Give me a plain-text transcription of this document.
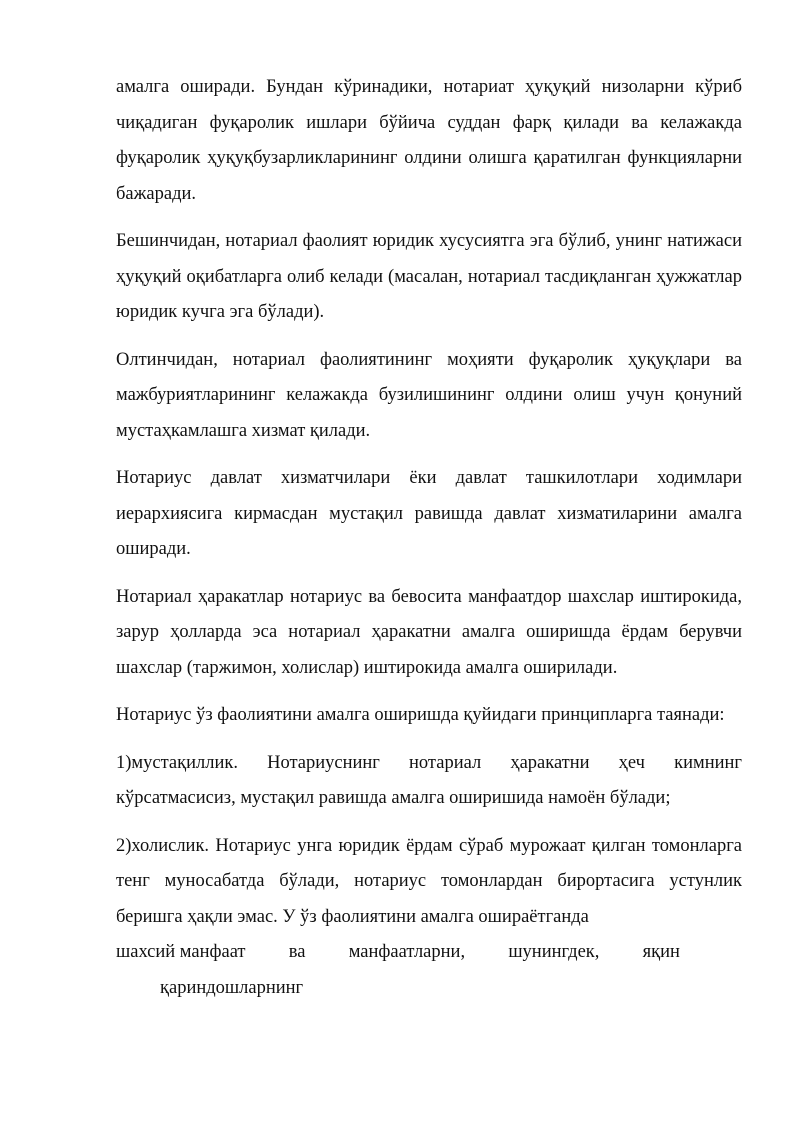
амалга оширади. Бундан кўринадики, нотариат ҳуқуқий низоларни кўриб чиқадиган фуқаролик ишлари бўйича суддан фарқ қилади ва келажакда фуқаролик ҳуқуқбузарликларининг олдини олишга қаратилган функцияларни бажаради.

Бешинчидан, нотариал фаолият юридик хусусиятга эга бўлиб, унинг натижаси ҳуқуқий оқибатларга олиб келади (масалан, нотариал тасдиқланган ҳужжатлар юридик кучга эга бўлади).

Олтинчидан, нотариал фаолиятининг моҳияти фуқаролик ҳуқуқлари ва мажбуриятларининг келажакда бузилишининг олдини олиш учун қонуний мустаҳкамлашга хизмат қилади.

Нотариус давлат хизматчилари ёки давлат ташкилотлари ходимлари иерархиясига кирмасдан мустақил равишда давлат хизматиларини амалга оширади.

Нотариал ҳаракатлар нотариус ва бевосита манфаатдор шахслар иштирокида, зарур ҳолларда эса нотариал ҳаракатни амалга оширишда ёрдам берувчи шахслар (таржимон, холислар) иштирокида амалга оширилади.

Нотариус ўз фаолиятини амалга оширишда қуйидаги принципларга таянади:

1)мустақиллик. Нотариуснинг нотариал ҳаракатни ҳеч кимнинг кўрсатмасисиз, мустақил равишда амалга оширишида намоён бўлади;

2)холислик. Нотариус унга юридик ёрдам сўраб мурожаат қилган томонларга тенг муносабатда бўлади, нотариус томонлардан бирортасига устунлик беришга ҳақли эмас. У ўз фаолиятини амалга ошираётганда

шахсий манфаат ва манфаатларни, шунингдек, яқин

қариндошларнинг
